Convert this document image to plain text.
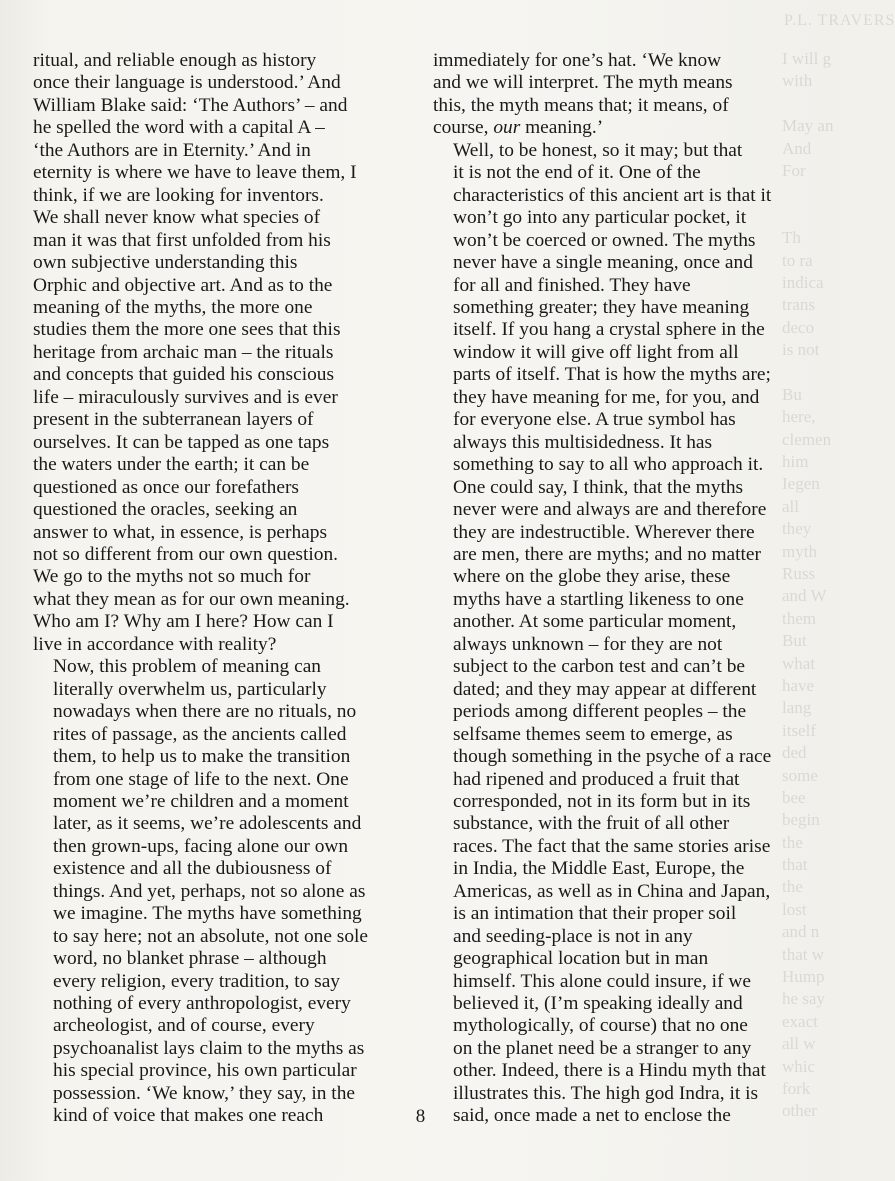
P.L. TRAVERS
I will g
with
May an
And
For
Th
to ra
indica
trans
deco
is not
Bu
here,
clemen
him
Iegen
all
they
myth
Russ
and W
them
But
what
have
lang
itself
ded
some
bee
begin
the
that
the
lost
and n
that w
Hump
he say
exact
all w
whic
fork
other

ritual, and reliable enough as history
once their language is understood.’ And
William Blake said: ‘The Authors’ – and
he spelled the word with a capital A –
‘the Authors are in Eternity.’ And in
eternity is where we have to leave them, I
think, if we are looking for inventors.
We shall never know what species of
man it was that first unfolded from his
own subjective understanding this
Orphic and objective art. And as to the
meaning of the myths, the more one
studies them the more one sees that this
heritage from archaic man – the rituals
and concepts that guided his conscious
life – miraculously survives and is ever
present in the subterranean layers of
ourselves. It can be tapped as one taps
the waters under the earth; it can be
questioned as once our forefathers
questioned the oracles, seeking an
answer to what, in essence, is perhaps
not so different from our own question.
We go to the myths not so much for
what they mean as for our own meaning.
Who am I? Why am I here? How can I
live in accordance with reality?

Now, this problem of meaning can
literally overwhelm us, particularly
nowadays when there are no rituals, no
rites of passage, as the ancients called
them, to help us to make the transition
from one stage of life to the next. One
moment we’re children and a moment
later, as it seems, we’re adolescents and
then grown-ups, facing alone our own
existence and all the dubiousness of
things. And yet, perhaps, not so alone as
we imagine. The myths have something
to say here; not an absolute, not one sole
word, no blanket phrase – although
every religion, every tradition, to say
nothing of every anthropologist, every
archeologist, and of course, every
psychoanalist lays claim to the myths as
his special province, his own particular
possession. ‘We know,’ they say, in the
kind of voice that makes one reach

immediately for one’s hat. ‘We know
and we will interpret. The myth means
this, the myth means that; it means, of
course, our meaning.’

Well, to be honest, so it may; but that
it is not the end of it. One of the
characteristics of this ancient art is that it
won’t go into any particular pocket, it
won’t be coerced or owned. The myths
never have a single meaning, once and
for all and finished. They have
something greater; they have meaning
itself. If you hang a crystal sphere in the
window it will give off light from all
parts of itself. That is how the myths are;
they have meaning for me, for you, and
for everyone else. A true symbol has
always this multisidedness. It has
something to say to all who approach it.

One could say, I think, that the myths
never were and always are and therefore
they are indestructible. Wherever there
are men, there are myths; and no matter
where on the globe they arise, these
myths have a startling likeness to one
another. At some particular moment,
always unknown – for they are not
subject to the carbon test and can’t be
dated; and they may appear at different
periods among different peoples – the
selfsame themes seem to emerge, as
though something in the psyche of a race
had ripened and produced a fruit that
corresponded, not in its form but in its
substance, with the fruit of all other
races. The fact that the same stories arise
in India, the Middle East, Europe, the
Americas, as well as in China and Japan,
is an intimation that their proper soil
and seeding-place is not in any
geographical location but in man
himself. This alone could insure, if we
believed it, (I’m speaking ideally and
mythologically, of course) that no one
on the planet need be a stranger to any
other. Indeed, there is a Hindu myth that
illustrates this. The high god Indra, it is
said, once made a net to enclose the

8
